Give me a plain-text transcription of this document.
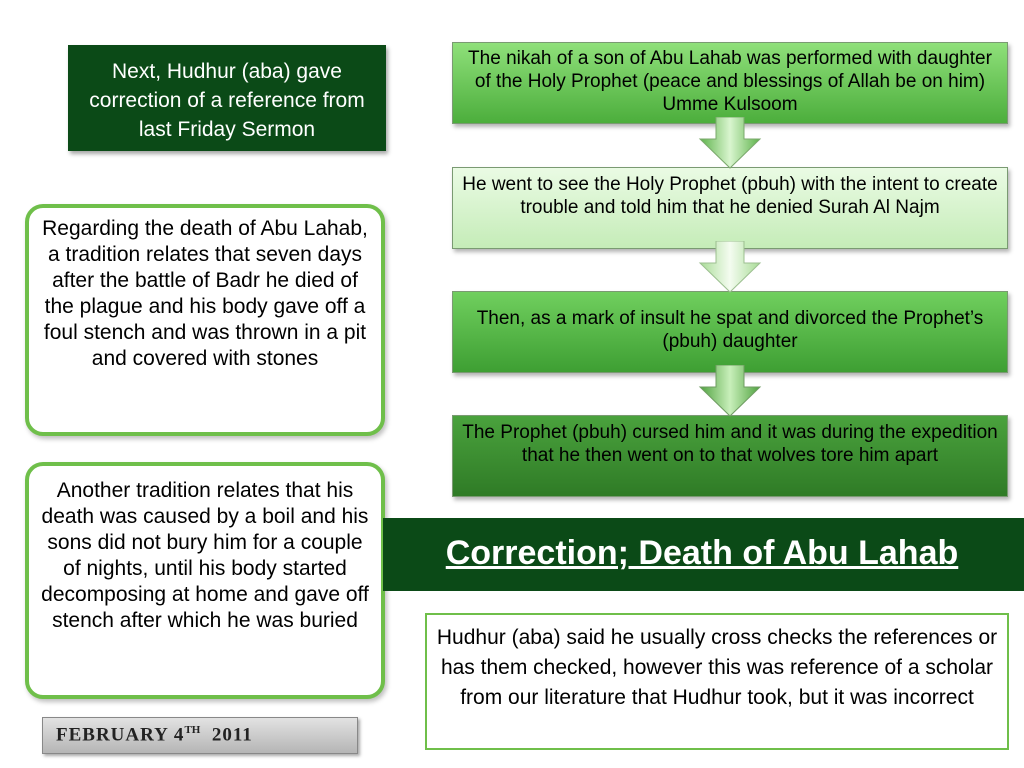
Next, Hudhur (aba) gave correction of a reference from last Friday Sermon
Regarding the death of Abu Lahab, a tradition relates that seven days after the battle of Badr he died of the plague and his body gave off a foul stench and was thrown in a pit and covered with stones
Another tradition relates that his death was caused by a boil and his sons did not bury him for a couple of nights, until his body started decomposing at home and gave off stench after which he was buried
The nikah of a son of Abu Lahab was performed with daughter of the Holy Prophet (peace and blessings of Allah be on him) Umme Kulsoom
He went to see the Holy Prophet (pbuh) with the intent to create trouble and told him that he denied Surah Al Najm
Then, as a mark of insult he spat and divorced the Prophet’s (pbuh) daughter
The Prophet (pbuh) cursed him and it was during the expedition that he then went on to that wolves tore him apart
Correction; Death of Abu Lahab
Hudhur (aba) said he usually cross checks the references or has them checked, however this was reference of a scholar from our literature that Hudhur took, but it was incorrect
FEBRUARY 4TH 2011
